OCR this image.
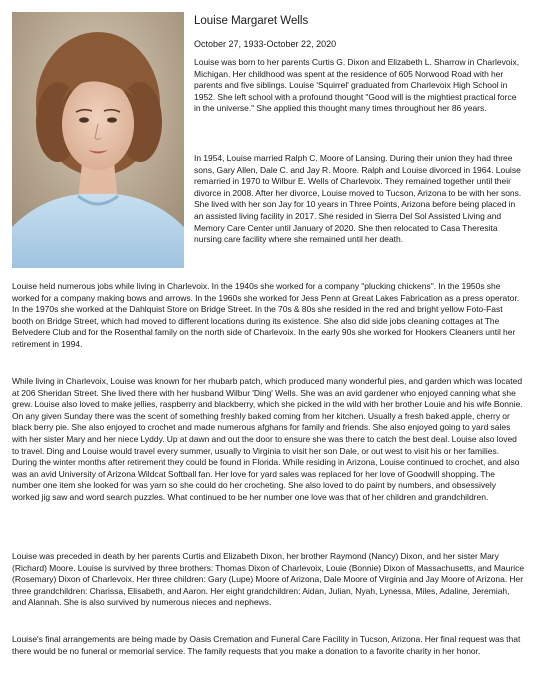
Louise Margaret Wells
October 27, 1933-October 22, 2020

Louise was born to her parents Curtis G. Dixon and Elizabeth L. Sharrow in Charlevoix, Michigan. Her childhood was spent at the residence of 605 Norwood Road with her parents and five siblings. Louise 'Squirrel' graduated from Charlevoix High School in 1952. She left school with a profound thought "Good will is the mightiest practical force in the universe." She applied this thought many times throughout her 86 years.

In 1954, Louise married Ralph C. Moore of Lansing. During their union they had three sons, Gary Allen, Dale C. and Jay R. Moore. Ralph and Louise divorced in 1964. Louise remarried in 1970 to Wilbur E. Wells of Charlevoix. They remained together until their divorce in 2008. After her divorce, Louise moved to Tucson, Arizona to be with her sons. She lived with her son Jay for 10 years in Three Points, Arizona before being placed in an assisted living facility in 2017. She resided in Sierra Del Sol Assisted Living and Memory Care Center until January of 2020. She then relocated to Casa Theresita nursing care facility where she remained until her death.

Louise held numerous jobs while living in Charlevoix. In the 1940s she worked for a company "plucking chickens". In the 1950s she worked for a company making bows and arrows. In the 1960s she worked for Jess Penn at Great Lakes Fabrication as a press operator. In the 1970s she worked at the Dahlquist Store on Bridge Street. In the 70s & 80s she resided in the red and bright yellow Foto-Fast booth on Bridge Street, which had moved to different locations during its existence. She also did side jobs cleaning cottages at The Belvedere Club and for the Rosenthal family on the north side of Charlevoix. In the early 90s she worked for Hookers Cleaners until her retirement in 1994.

While living in Charlevoix, Louise was known for her rhubarb patch, which produced many wonderful pies, and garden which was located at 206 Sheridan Street. She lived there with her husband Wilbur 'Ding' Wells. She was an avid gardener who enjoyed canning what she grew. Louise also loved to make jellies, raspberry and blackberry, which she picked in the wild with her brother Louie and his wife Bonnie. On any given Sunday there was the scent of something freshly baked coming from her kitchen. Usually a fresh baked apple, cherry or black berry pie. She also enjoyed to crochet and made numerous afghans for family and friends. She also enjoyed going to yard sales with her sister Mary and her niece Lyddy. Up at dawn and out the door to ensure she was there to catch the best deal. Louise also loved to travel. Ding and Louise would travel every summer, usually to Virginia to visit her son Dale, or out west to visit his or her families. During the winter months after retirement they could be found in Florida. While residing in Arizona, Louise continued to crochet, and also was an avid University of Arizona Wildcat Softball fan. Her love for yard sales was replaced for her love of Goodwill shopping. The number one item she looked for was yarn so she could do her crocheting. She also loved to do paint by numbers, and obsessively worked jig saw and word search puzzles. What continued to be her number one love was that of her children and grandchildren.

Louise was preceded in death by her parents Curtis and Elizabeth Dixon, her brother Raymond (Nancy) Dixon, and her sister Mary (Richard) Moore. Louise is survived by three brothers: Thomas Dixon of Charlevoix, Louie (Bonnie) Dixon of Massachusetts, and Maurice (Rosemary) Dixon of Charlevoix. Her three children: Gary (Lupe) Moore of Arizona, Dale Moore of Virginia and Jay Moore of Arizona. Her three grandchildren: Charissa, Elisabeth, and Aaron. Her eight grandchildren: Aidan, Julian, Nyah, Lynessa, Miles, Adaline, Jeremiah, and Alannah. She is also survived by numerous nieces and nephews.

Louise's final arrangements are being made by Oasis Cremation and Funeral Care Facility in Tucson, Arizona. Her final request was that there would be no funeral or memorial service. The family requests that you make a donation to a favorite charity in her honor.
